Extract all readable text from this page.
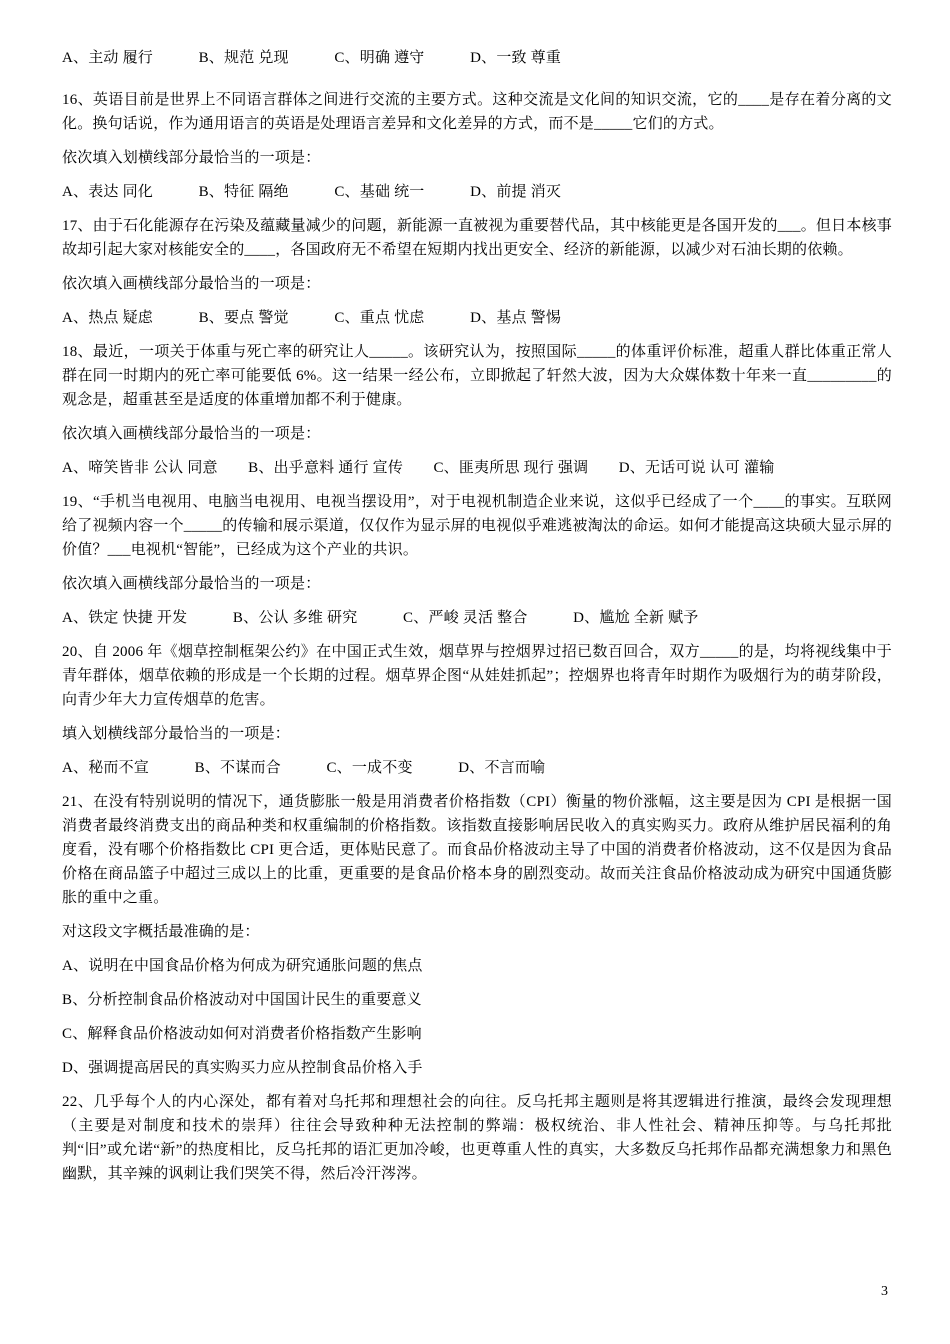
A、主动 履行　　　B、规范 兑现　　　C、明确 遵守　　　D、一致 尊重

16、英语目前是世界上不同语言群体之间进行交流的主要方式。这种交流是文化间的知识交流，它的____是存在着分离的文化。换句话说，作为通用语言的英语是处理语言差异和文化差异的方式，而不是_____它们的方式。

依次填入划横线部分最恰当的一项是：

A、表达 同化　　　B、特征 隔绝　　　C、基础 统一　　　D、前提 消灭

17、由于石化能源存在污染及蕴藏量减少的问题，新能源一直被视为重要替代品，其中核能更是各国开发的___。但日本核事故却引起大家对核能安全的____，各国政府无不希望在短期内找出更安全、经济的新能源，以减少对石油长期的依赖。

依次填入画横线部分最恰当的一项是：

A、热点 疑虑　　　B、要点 警觉　　　C、重点 忧虑　　　D、基点 警惕

18、最近，一项关于体重与死亡率的研究让人_____。该研究认为，按照国际_____的体重评价标准，超重人群比体重正常人群在同一时期内的死亡率可能要低 6%。这一结果一经公布，立即掀起了轩然大波，因为大众媒体数十年来一直_________的观念是，超重甚至是适度的体重增加都不利于健康。

依次填入画横线部分最恰当的一项是：

A、啼笑皆非 公认 同意　　B、出乎意料 通行 宣传　　C、匪夷所思 现行 强调　　D、无话可说 认可 灌输

19、“手机当电视用、电脑当电视用、电视当摆设用”，对于电视机制造企业来说，这似乎已经成了一个____的事实。互联网给了视频内容一个_____的传输和展示渠道，仅仅作为显示屏的电视似乎难逃被淘汰的命运。如何才能提高这块硕大显示屏的价值？___电视机“智能”，已经成为这个产业的共识。

依次填入画横线部分最恰当的一项是：

A、铁定 快捷 开发　　　B、公认 多维 研究　　　C、严峻 灵活 整合　　　D、尴尬 全新 赋予

20、自 2006 年《烟草控制框架公约》在中国正式生效，烟草界与控烟界过招已数百回合，双方_____的是，均将视线集中于青年群体，烟草依赖的形成是一个长期的过程。烟草界企图“从娃娃抓起”；控烟界也将青年时期作为吸烟行为的萌芽阶段，向青少年大力宣传烟草的危害。

填入划横线部分最恰当的一项是：

A、秘而不宣　　　B、不谋而合　　　C、一成不变　　　D、不言而喻

21、在没有特别说明的情况下，通货膨胀一般是用消费者价格指数（CPI）衡量的物价涨幅，这主要是因为 CPI 是根据一国消费者最终消费支出的商品种类和权重编制的价格指数。该指数直接影响居民收入的真实购买力。政府从维护居民福利的角度看，没有哪个价格指数比 CPI 更合适，更体贴民意了。而食品价格波动主导了中国的消费者价格波动，这不仅是因为食品价格在商品篮子中超过三成以上的比重，更重要的是食品价格本身的剧烈变动。故而关注食品价格波动成为研究中国通货膨胀的重中之重。

对这段文字概括最准确的是：

A、说明在中国食品价格为何成为研究通胀问题的焦点

B、分析控制食品价格波动对中国国计民生的重要意义

C、解释食品价格波动如何对消费者价格指数产生影响

D、强调提高居民的真实购买力应从控制食品价格入手

22、几乎每个人的内心深处，都有着对乌托邦和理想社会的向往。反乌托邦主题则是将其逻辑进行推演，最终会发现理想（主要是对制度和技术的崇拜）往往会导致种种无法控制的弊端：极权统治、非人性社会、精神压抑等。与乌托邦批判“旧”或允诺“新”的热度相比，反乌托邦的语汇更加冷峻，也更尊重人性的真实，大多数反乌托邦作品都充满想象力和黑色幽默，其辛辣的讽刺让我们哭笑不得，然后冷汗涔涔。

3
